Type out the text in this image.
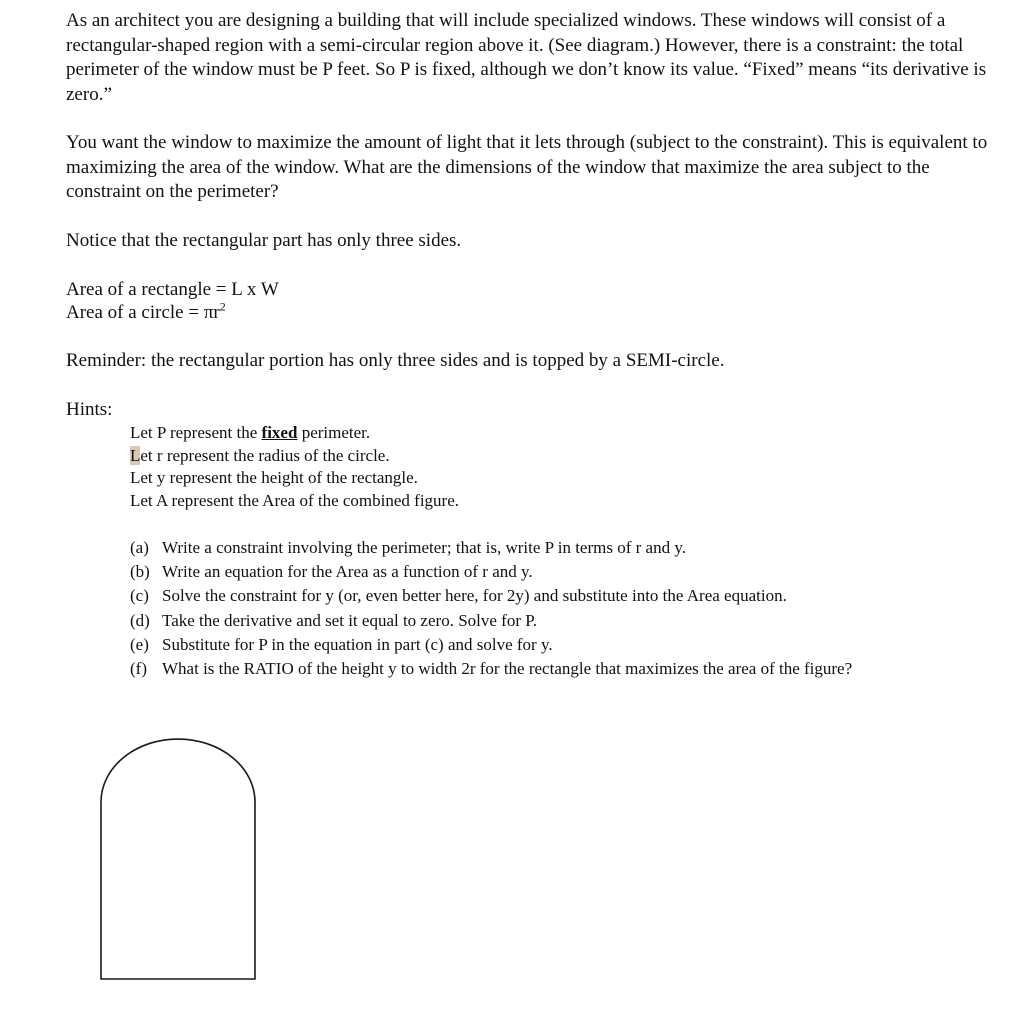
As an architect you are designing a building that will include specialized windows. These windows will consist of a rectangular-shaped region with a semi-circular region above it. (See diagram.) However, there is a constraint: the total perimeter of the window must be P feet. So P is fixed, although we don’t know its value. “Fixed” means “its derivative is zero.”

You want the window to maximize the amount of light that it lets through (subject to the constraint). This is equivalent to maximizing the area of the window. What are the dimensions of the window that maximize the area subject to the constraint on the perimeter?

Notice that the rectangular part has only three sides.

Area of a rectangle = L x W

Area of a circle = $\pi r^2$

Reminder: the rectangular portion has only three sides and is topped by a SEMI-circle.

Hints:

Let P represent the fixed perimeter.

Let r represent the radius of the circle.

Let y represent the height of the rectangle.

Let A represent the Area of the combined figure.

(a) Write a constraint involving the perimeter; that is, write P in terms of r and y.
(b) Write an equation for the Area as a function of r and y.
(c) Solve the constraint for y (or, even better here, for 2y) and substitute into the Area equation.
(d) Take the derivative and set it equal to zero. Solve for P.
(e) Substitute for P in the equation in part (c) and solve for y.
(f) What is the RATIO of the height y to width 2r for the rectangle that maximizes the area of the figure?
